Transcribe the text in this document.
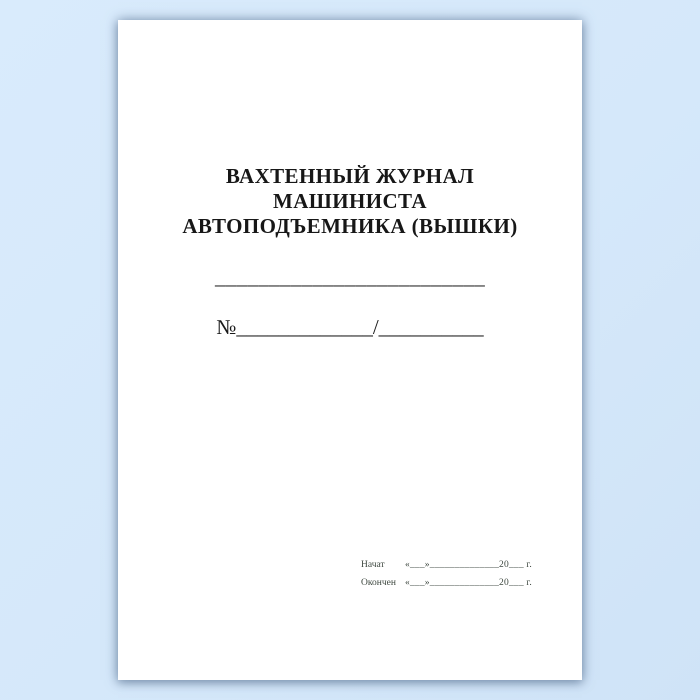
ВАХТЕННЫЙ ЖУРНАЛ
МАШИНИСТА
АВТОПОДЪЕМНИКА (ВЫШКИ)
_________________________
№_____________/__________
Начат	«___»______________20___ г.
Окончен «___»______________20___ г.
